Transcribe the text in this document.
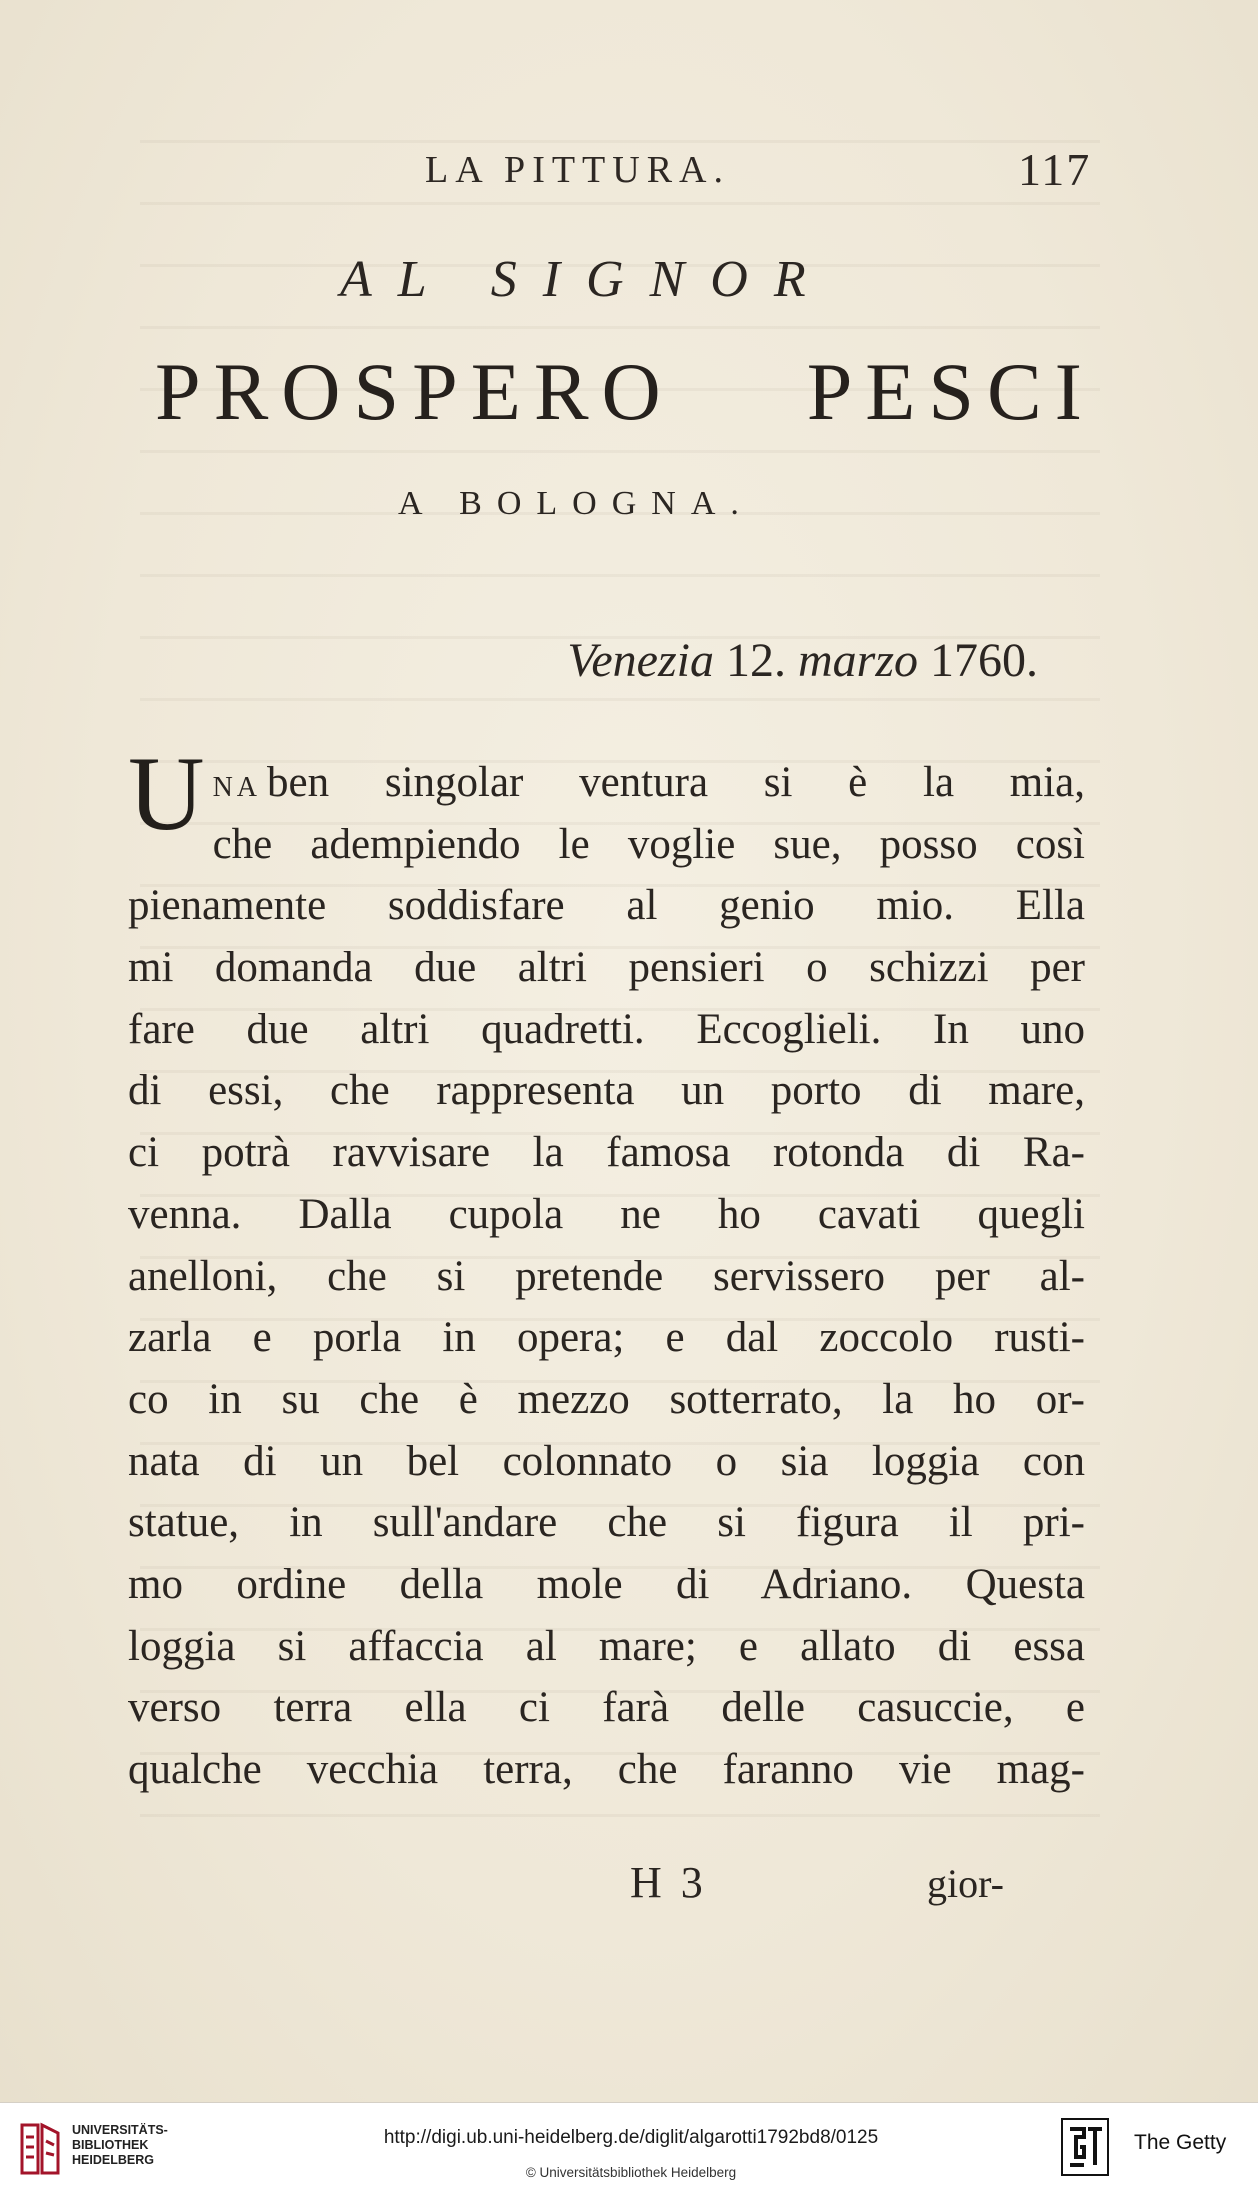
LA PITTURA.	117
AL SIGNOR
PROSPERO PESCI
A BOLOGNA.
Venezia 12. marzo 1760.
U NA ben singolar ventura si è la mia,
che adempiendo le voglie sue, posso così
pienamente soddisfare al genio mio. Ella
mi domanda due altri pensieri o schizzi per
fare due altri quadretti. Eccoglieli. In uno
di essi, che rappresenta un porto di mare,
ci potrà ravvisare la famosa rotonda di Ra-
venna. Dalla cupola ne ho cavati quegli
anelloni, che si pretende servissero per al-
zarla e porla in opera; e dal zoccolo rusti-
co in su che è mezzo sotterrato, la ho or-
nata di un bel colonnato o sia loggia con
statue, in sull'andare che si figura il pri-
mo ordine della mole di Adriano. Questa
loggia si affaccia al mare; e allato di essa
verso terra ella ci farà delle casuccie, e
qualche vecchia terra, che faranno vie mag-
H 3	gior-
UNIVERSITÄTS-
BIBLIOTHEK
HEIDELBERG
http://digi.ub.uni-heidelberg.de/diglit/algarotti1792bd8/0125
© Universitätsbibliothek Heidelberg
The Getty
